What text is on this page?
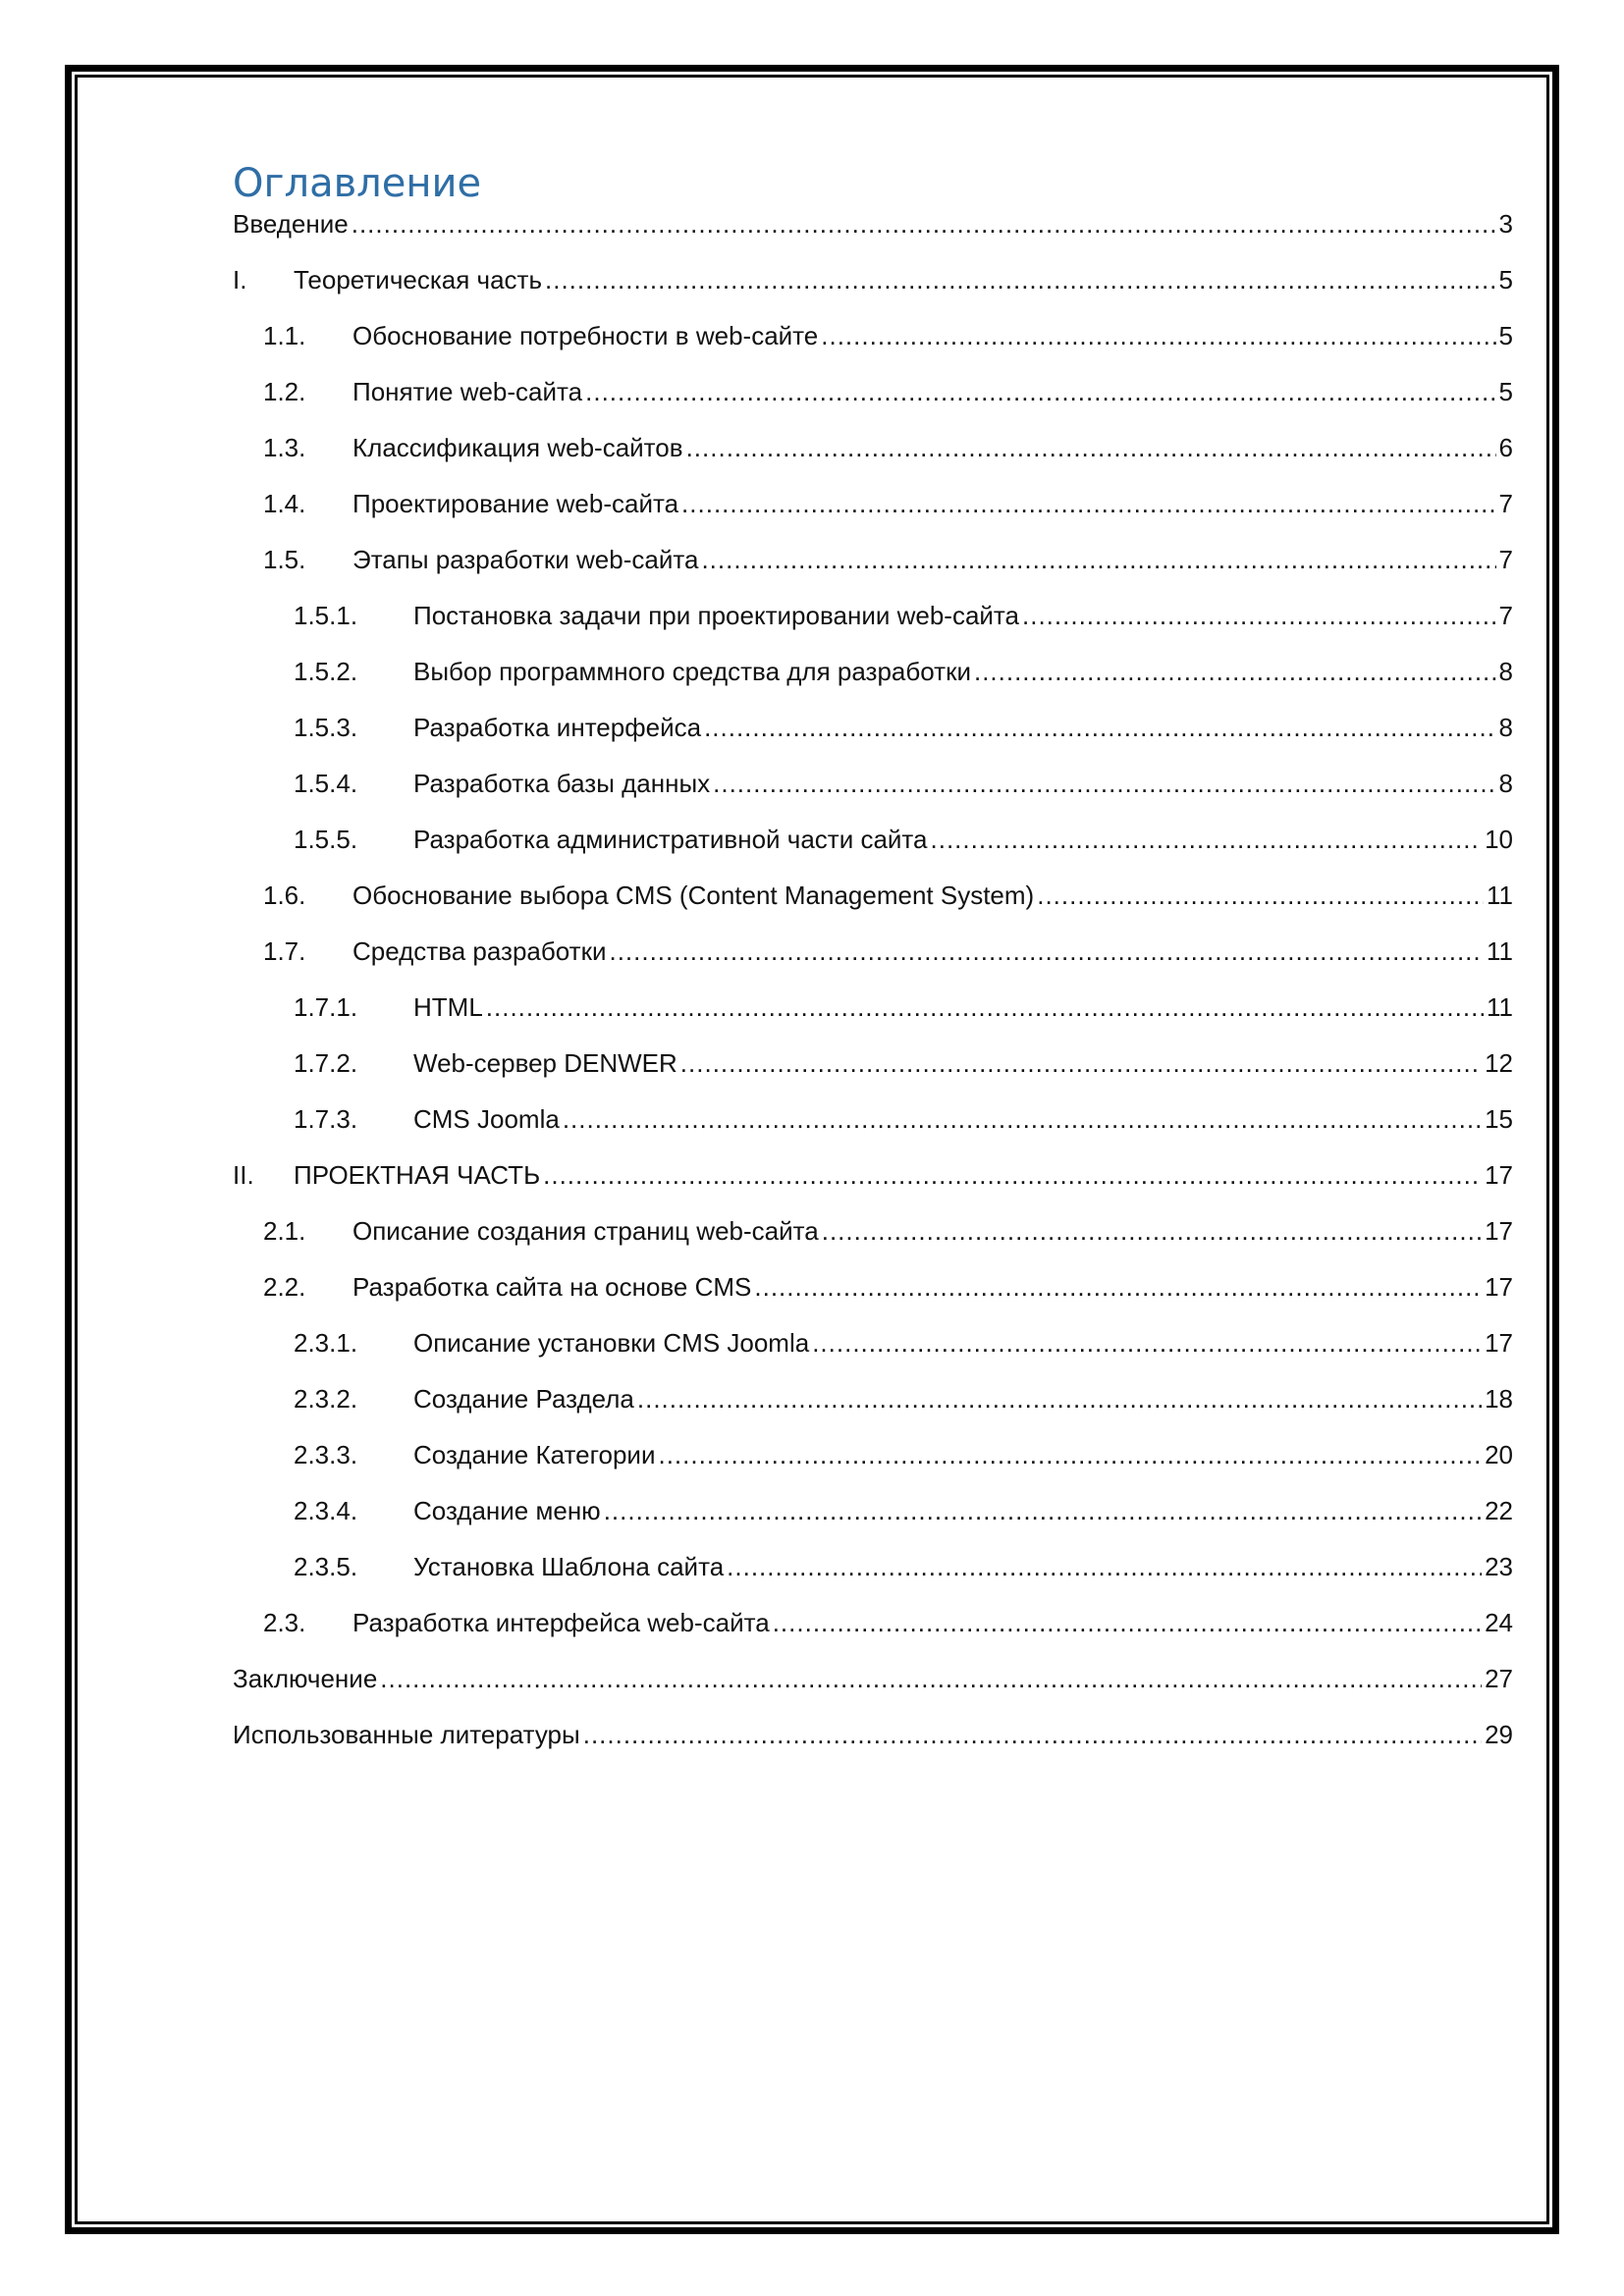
Оглавление
Введение .....	3
I.	Теоретическая часть .....	5
1.1.	Обоснование потребности в web-сайте .....	5
1.2.	Понятие web-сайта .....	5
1.3.	Классификация web-сайтов .....	6
1.4.	Проектирование web-сайта .....	7
1.5.	Этапы разработки web-сайта .....	7
1.5.1.	Постановка задачи при проектировании web-сайта .....	7
1.5.2.	Выбор программного средства для разработки .....	8
1.5.3.	Разработка интерфейса .....	8
1.5.4.	Разработка базы данных .....	8
1.5.5.	Разработка административной части сайта .....	10
1.6.	Обоснование выбора CMS (Content Management System) .....	11
1.7.	Средства разработки .....	11
1.7.1.	HTML .....	11
1.7.2.	Web-сервер DENWER .....	12
1.7.3.	CMS Joomla .....	15
II.	ПРОЕКТНАЯ ЧАСТЬ .....	17
2.1.	Описание создания страниц web-сайта .....	17
2.2.	Разработка сайта на основе CMS .....	17
2.3.1.	Описание установки CMS Joomla .....	17
2.3.2.	Создание Раздела .....	18
2.3.3.	Создание Категории .....	20
2.3.4.	Создание меню .....	22
2.3.5.	Установка Шаблона сайта .....	23
2.3.	Разработка интерфейса web-сайта .....	24
Заключение .....	27
Использованные литературы .....	29
